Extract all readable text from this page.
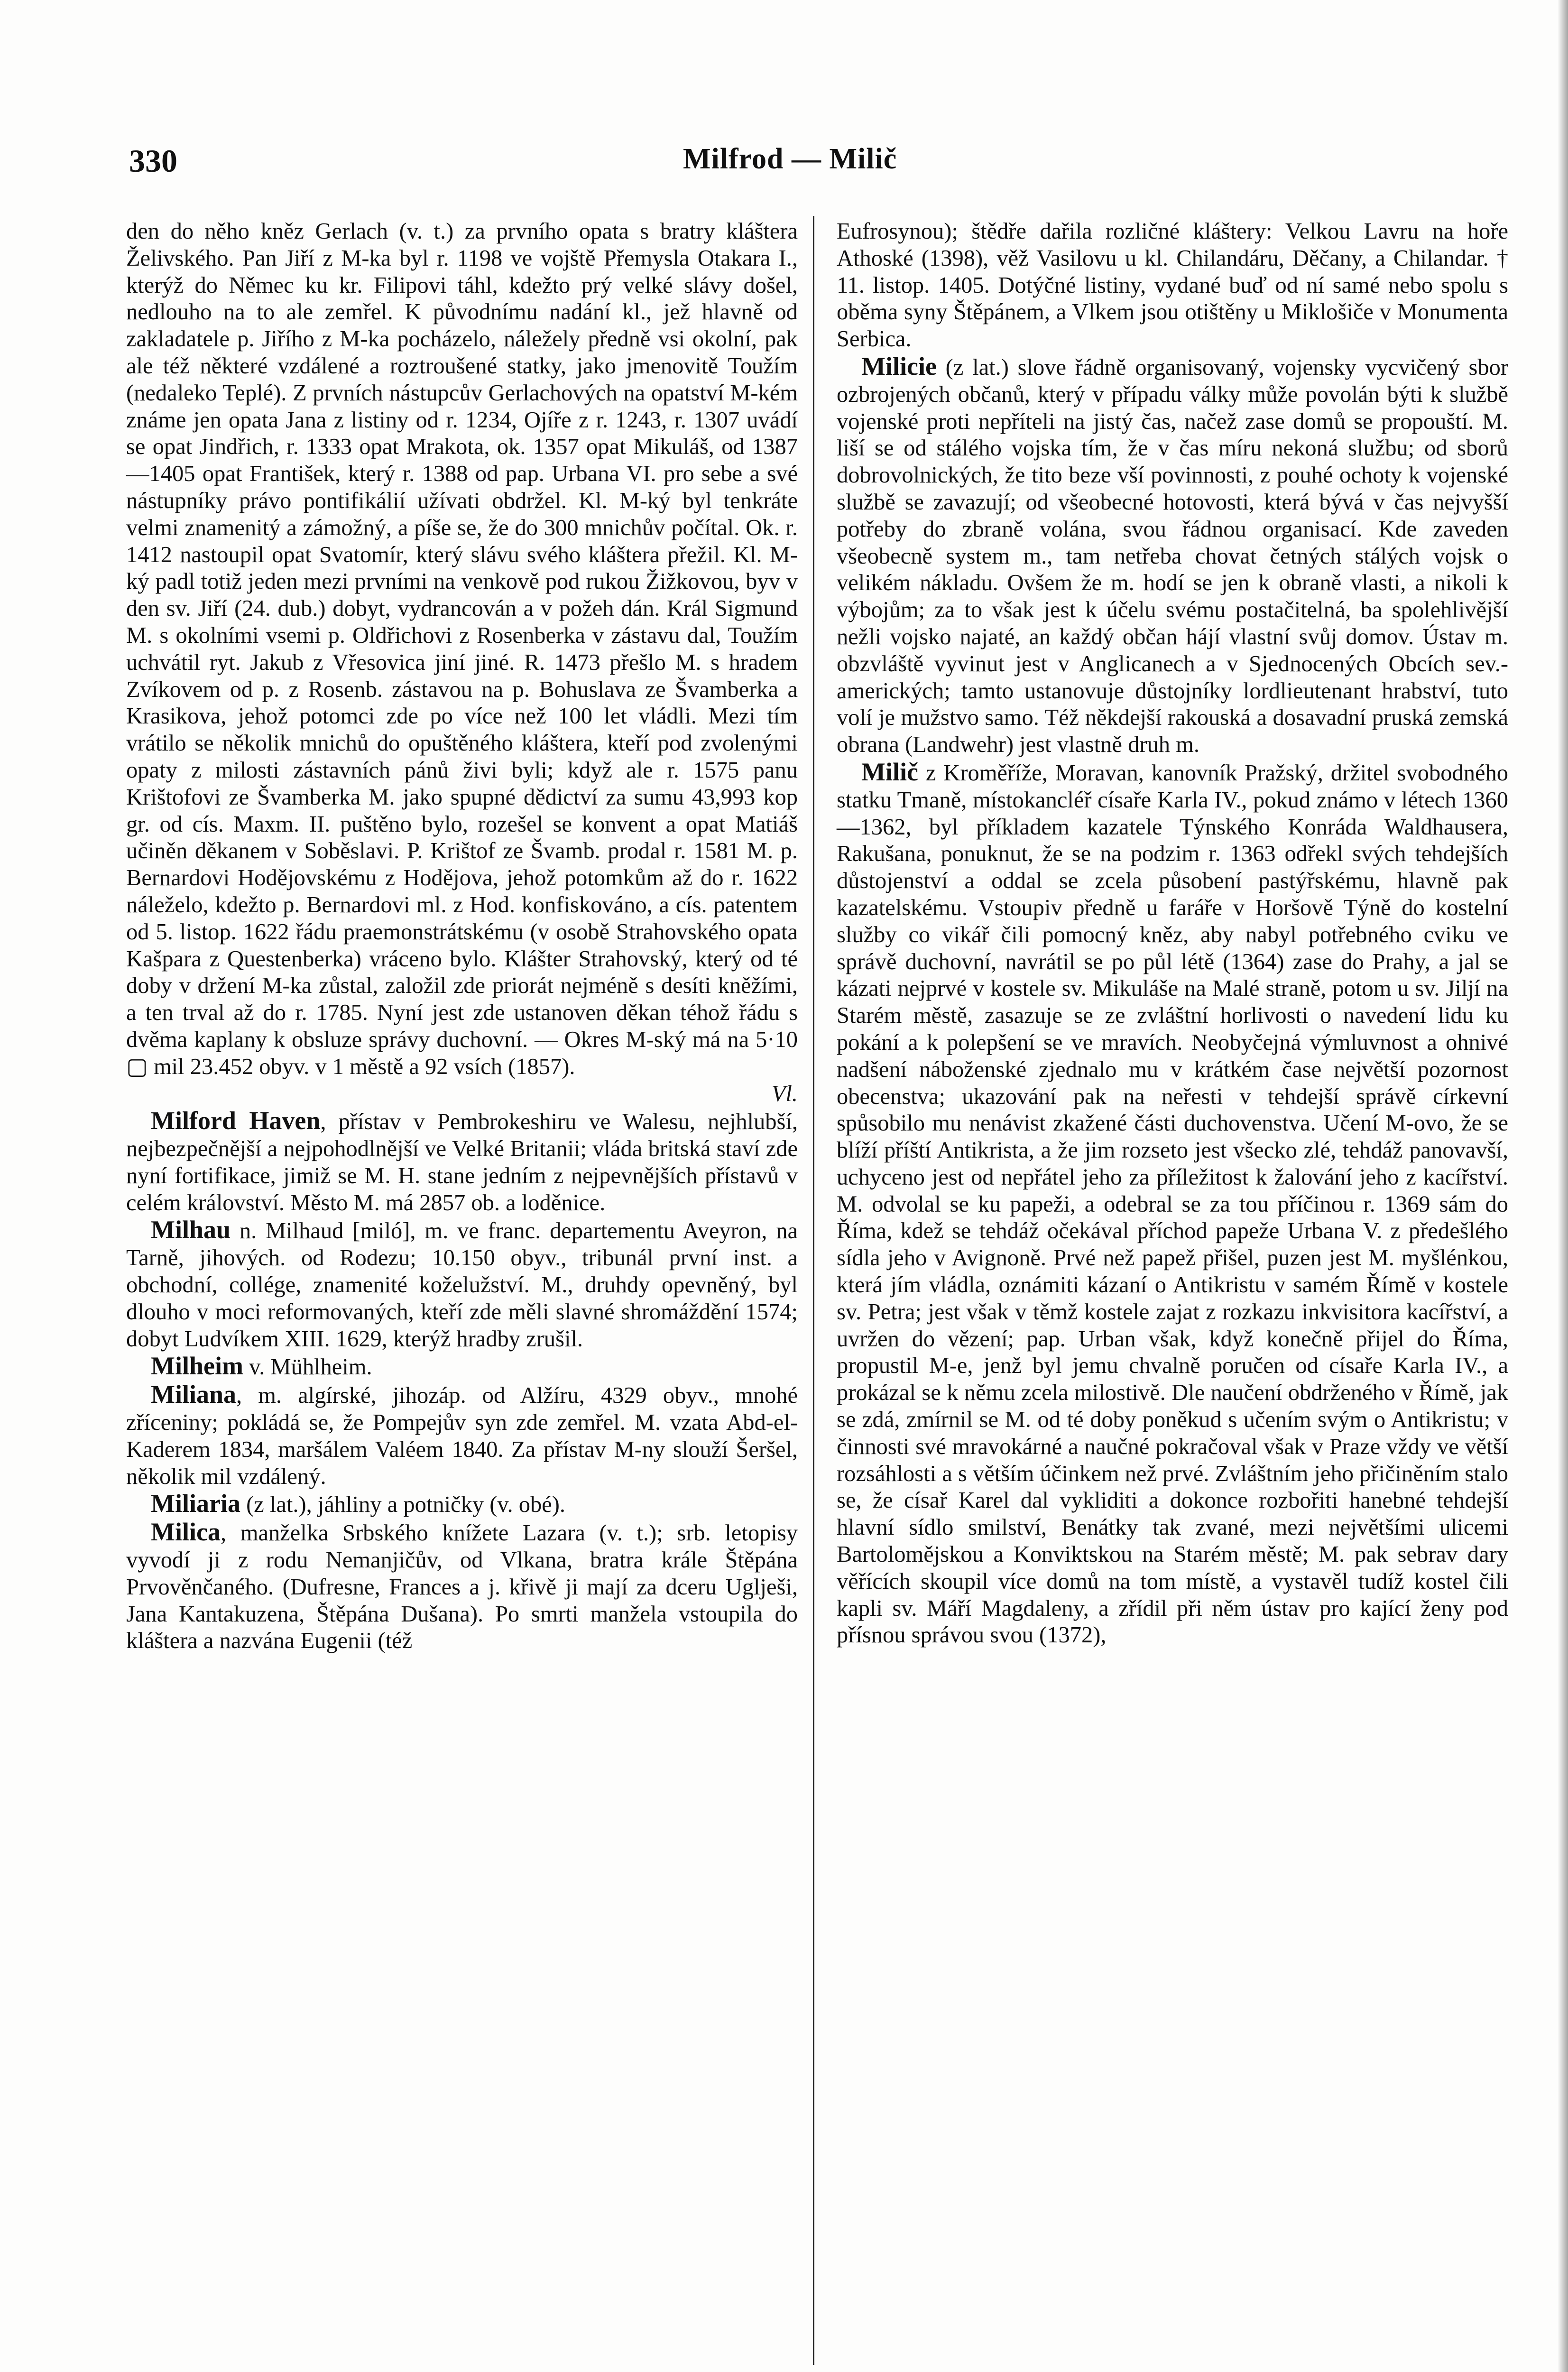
330	Milfrod — Milič

den do něho kněz Gerlach (v. t.) za prvního opata s bratry kláštera Želivského. Pan Jiří z M-ka byl r. 1198 ve vojště Přemysla Otakara I., kterýž do Němec ku kr. Filipovi táhl, kdežto prý velké slávy došel, nedlouho na to ale zemřel. K původnímu nadání kl., jež hlavně od zakladatele p. Jiřího z M-ka pocházelo, náležely předně vsi okolní, pak ale též některé vzdálené a roztroušené statky, jako jmenovitě Toužím (nedaleko Teplé). Z prvních nástupcův Gerlachových na opatství M-kém známe jen opata Jana z listiny od r. 1234, Ojíře z r. 1243, r. 1307 uvádí se opat Jindřich, r. 1333 opat Mrakota, ok. 1357 opat Mikuláš, od 1387—1405 opat František, který r. 1388 od pap. Urbana VI. pro sebe a své nástupníky právo pontifikálií užívati obdržel. Kl. M-ký byl tenkráte velmi znamenitý a zámožný, a píše se, že do 300 mnichův počítal. Ok. r. 1412 nastoupil opat Svatomír, který slávu svého kláštera přežil. Kl. M-ký padl totiž jeden mezi prvními na venkově pod rukou Žižkovou, byv v den sv. Jiří (24. dub.) dobyt, vydrancován a v požeh dán. Král Sigmund M. s okolními vsemi p. Oldřichovi z Rosenberka v zástavu dal, Toužím uchvátil ryt. Jakub z Vřesovica jiní jiné. R. 1473 přešlo M. s hradem Zvíkovem od p. z Rosenb. zástavou na p. Bohuslava ze Švamberka a Krasikova, jehož potomci zde po více než 100 let vládli. Mezi tím vrátilo se několik mnichů do opuštěného kláštera, kteří pod zvolenými opaty z milosti zástavních pánů živi byli; když ale r. 1575 panu Krištofovi ze Švamberka M. jako spupné dědictví za sumu 43,993 kop gr. od cís. Maxm. II. puštěno bylo, rozešel se konvent a opat Matiáš učiněn děkanem v Soběslavi. P. Krištof ze Švamb. prodal r. 1581 M. p. Bernardovi Hodějovskému z Hodějova, jehož potomkům až do r. 1622 náleželo, kdežto p. Bernardovi ml. z Hod. konfiskováno, a cís. patentem od 5. listop. 1622 řádu praemonstrátskému (v osobě Strahovského opata Kašpara z Questenberka) vráceno bylo. Klášter Strahovský, který od té doby v držení M-ka zůstal, založil zde priorát nejméně s desíti kněžími, a ten trval až do r. 1785. Nyní jest zde ustanoven děkan téhož řádu s dvěma kaplany k obsluze správy duchovní. — Okres M-ský má na 5·10 ▢ mil 23.452 obyv. v 1 městě a 92 vsích (1857).
Vl.

Milford Haven, přístav v Pembrokeshiru ve Walesu, nejhlubší, nejbezpečnější a nejpohodlnější ve Velké Britanii; vláda britská staví zde nyní fortifikace, jimiž se M. H. stane jedním z nejpevnějších přístavů v celém království. Město M. má 2857 ob. a loděnice.

Milhau n. Milhaud [miló], m. ve franc. departementu Aveyron, na Tarně, jihových. od Rodezu; 10.150 obyv., tribunál první inst. a obchodní, collége, znamenité koželužství. M., druhdy opevněný, byl dlouho v moci reformovaných, kteří zde měli slavné shromáždění 1574; dobyt Ludvíkem XIII. 1629, kterýž hradby zrušil.

Milheim v. Mühlheim.

Miliana, m. algírské, jihozáp. od Alžíru, 4329 obyv., mnohé zříceniny; pokládá se, že Pompejův syn zde zemřel. M. vzata Abd-el-Kaderem 1834, maršálem Valéem 1840. Za přístav M-ny slouží Šeršel, několik mil vzdálený.

Miliaria (z lat.), jáhliny a potničky (v. obé).

Milica, manželka Srbského knížete Lazara (v. t.); srb. letopisy vyvodí ji z rodu Nemanjičův, od Vlkana, bratra krále Štěpána Prvověnčaného. (Dufresne, Frances a j. křivě ji mají za dceru Uglješi, Jana Kantakuzena, Štěpána Dušana). Po smrti manžela vstoupila do kláštera a nazvána Eugenii (též

Eufrosynou); štědře dařila rozličné kláštery: Velkou Lavru na hoře Athoské (1398), věž Vasilovu u kl. Chilandáru, Děčany, a Chilandar. † 11. listop. 1405. Dotýčné listiny, vydané buď od ní samé nebo spolu s oběma syny Štěpánem, a Vlkem jsou otištěny u Miklošiče v Monumenta Serbica.

Milicie (z lat.) slove řádně organisovaný, vojensky vycvičený sbor ozbrojených občanů, který v případu války může povolán býti k službě vojenské proti nepříteli na jistý čas, načež zase domů se propouští. M. liší se od stálého vojska tím, že v čas míru nekoná službu; od sborů dobrovolnických, že tito beze vší povinnosti, z pouhé ochoty k vojenské službě se zavazují; od všeobecné hotovosti, která bývá v čas nejvyšší potřeby do zbraně volána, svou řádnou organisací. Kde zaveden všeobecně system m., tam netřeba chovat četných stálých vojsk o velikém nákladu. Ovšem že m. hodí se jen k obraně vlasti, a nikoli k výbojům; za to však jest k účelu svému postačitelná, ba spolehlivější nežli vojsko najaté, an každý občan hájí vlastní svůj domov. Ústav m. obzvláště vyvinut jest v Anglicanech a v Sjednocených Obcích sev.-amerických; tamto ustanovuje důstojníky lordlieutenant hrabství, tuto volí je mužstvo samo. Též někdejší rakouská a dosavadní pruská zemská obrana (Landwehr) jest vlastně druh m.

Milič z Kroměříže, Moravan, kanovník Pražský, držitel svobodného statku Tmaně, místokancléř císaře Karla IV., pokud známo v létech 1360—1362, byl příkladem kazatele Týnského Konráda Waldhausera, Rakušana, ponuknut, že se na podzim r. 1363 odřekl svých tehdejších důstojenství a oddal se zcela působení pastýřskému, hlavně pak kazatelskému. Vstoupiv předně u faráře v Horšově Týně do kostelní služby co vikář čili pomocný kněz, aby nabyl potřebného cviku ve správě duchovní, navrátil se po půl létě (1364) zase do Prahy, a jal se kázati nejprvé v kostele sv. Mikuláše na Malé straně, potom u sv. Jiljí na Starém městě, zasazuje se ze zvláštní horlivosti o navedení lidu ku pokání a k polepšení se ve mravích. Neobyčejná výmluvnost a ohnivé nadšení náboženské zjednalo mu v krátkém čase největší pozornost obecenstva; ukazování pak na neřesti v tehdejší správě církevní spůsobilo mu nenávist zkažené části duchovenstva. Učení M-ovo, že se blíží příští Antikrista, a že jim rozseto jest všecko zlé, tehdáž panovavší, uchyceno jest od nepřátel jeho za příležitost k žalování jeho z kacířství. M. odvolal se ku papeži, a odebral se za tou příčinou r. 1369 sám do Říma, kdež se tehdáž očekával příchod papeže Urbana V. z předešlého sídla jeho v Avignoně. Prvé než papež přišel, puzen jest M. myšlénkou, která jím vládla, oznámiti kázaní o Antikristu v samém Římě v kostele sv. Petra; jest však v těmž kostele zajat z rozkazu inkvisitora kacířství, a uvržen do vězení; pap. Urban však, když konečně přijel do Říma, propustil M-e, jenž byl jemu chvalně poručen od císaře Karla IV., a prokázal se k němu zcela milostivě. Dle naučení obdrženého v Římě, jak se zdá, zmírnil se M. od té doby poněkud s učením svým o Antikristu; v činnosti své mravokárné a naučné pokračoval však v Praze vždy ve větší rozsáhlosti a s větším účinkem než prvé. Zvláštním jeho přičiněním stalo se, že císař Karel dal vykliditi a dokonce rozbořiti hanebné tehdejší hlavní sídlo smilství, Benátky tak zvané, mezi největšími ulicemi Bartolomějskou a Konviktskou na Starém městě; M. pak sebrav dary věřících skoupil více domů na tom místě, a vystavěl tudíž kostel čili kapli sv. Máří Magdaleny, a zřídil při něm ústav pro kající ženy pod přísnou správou svou (1372),
